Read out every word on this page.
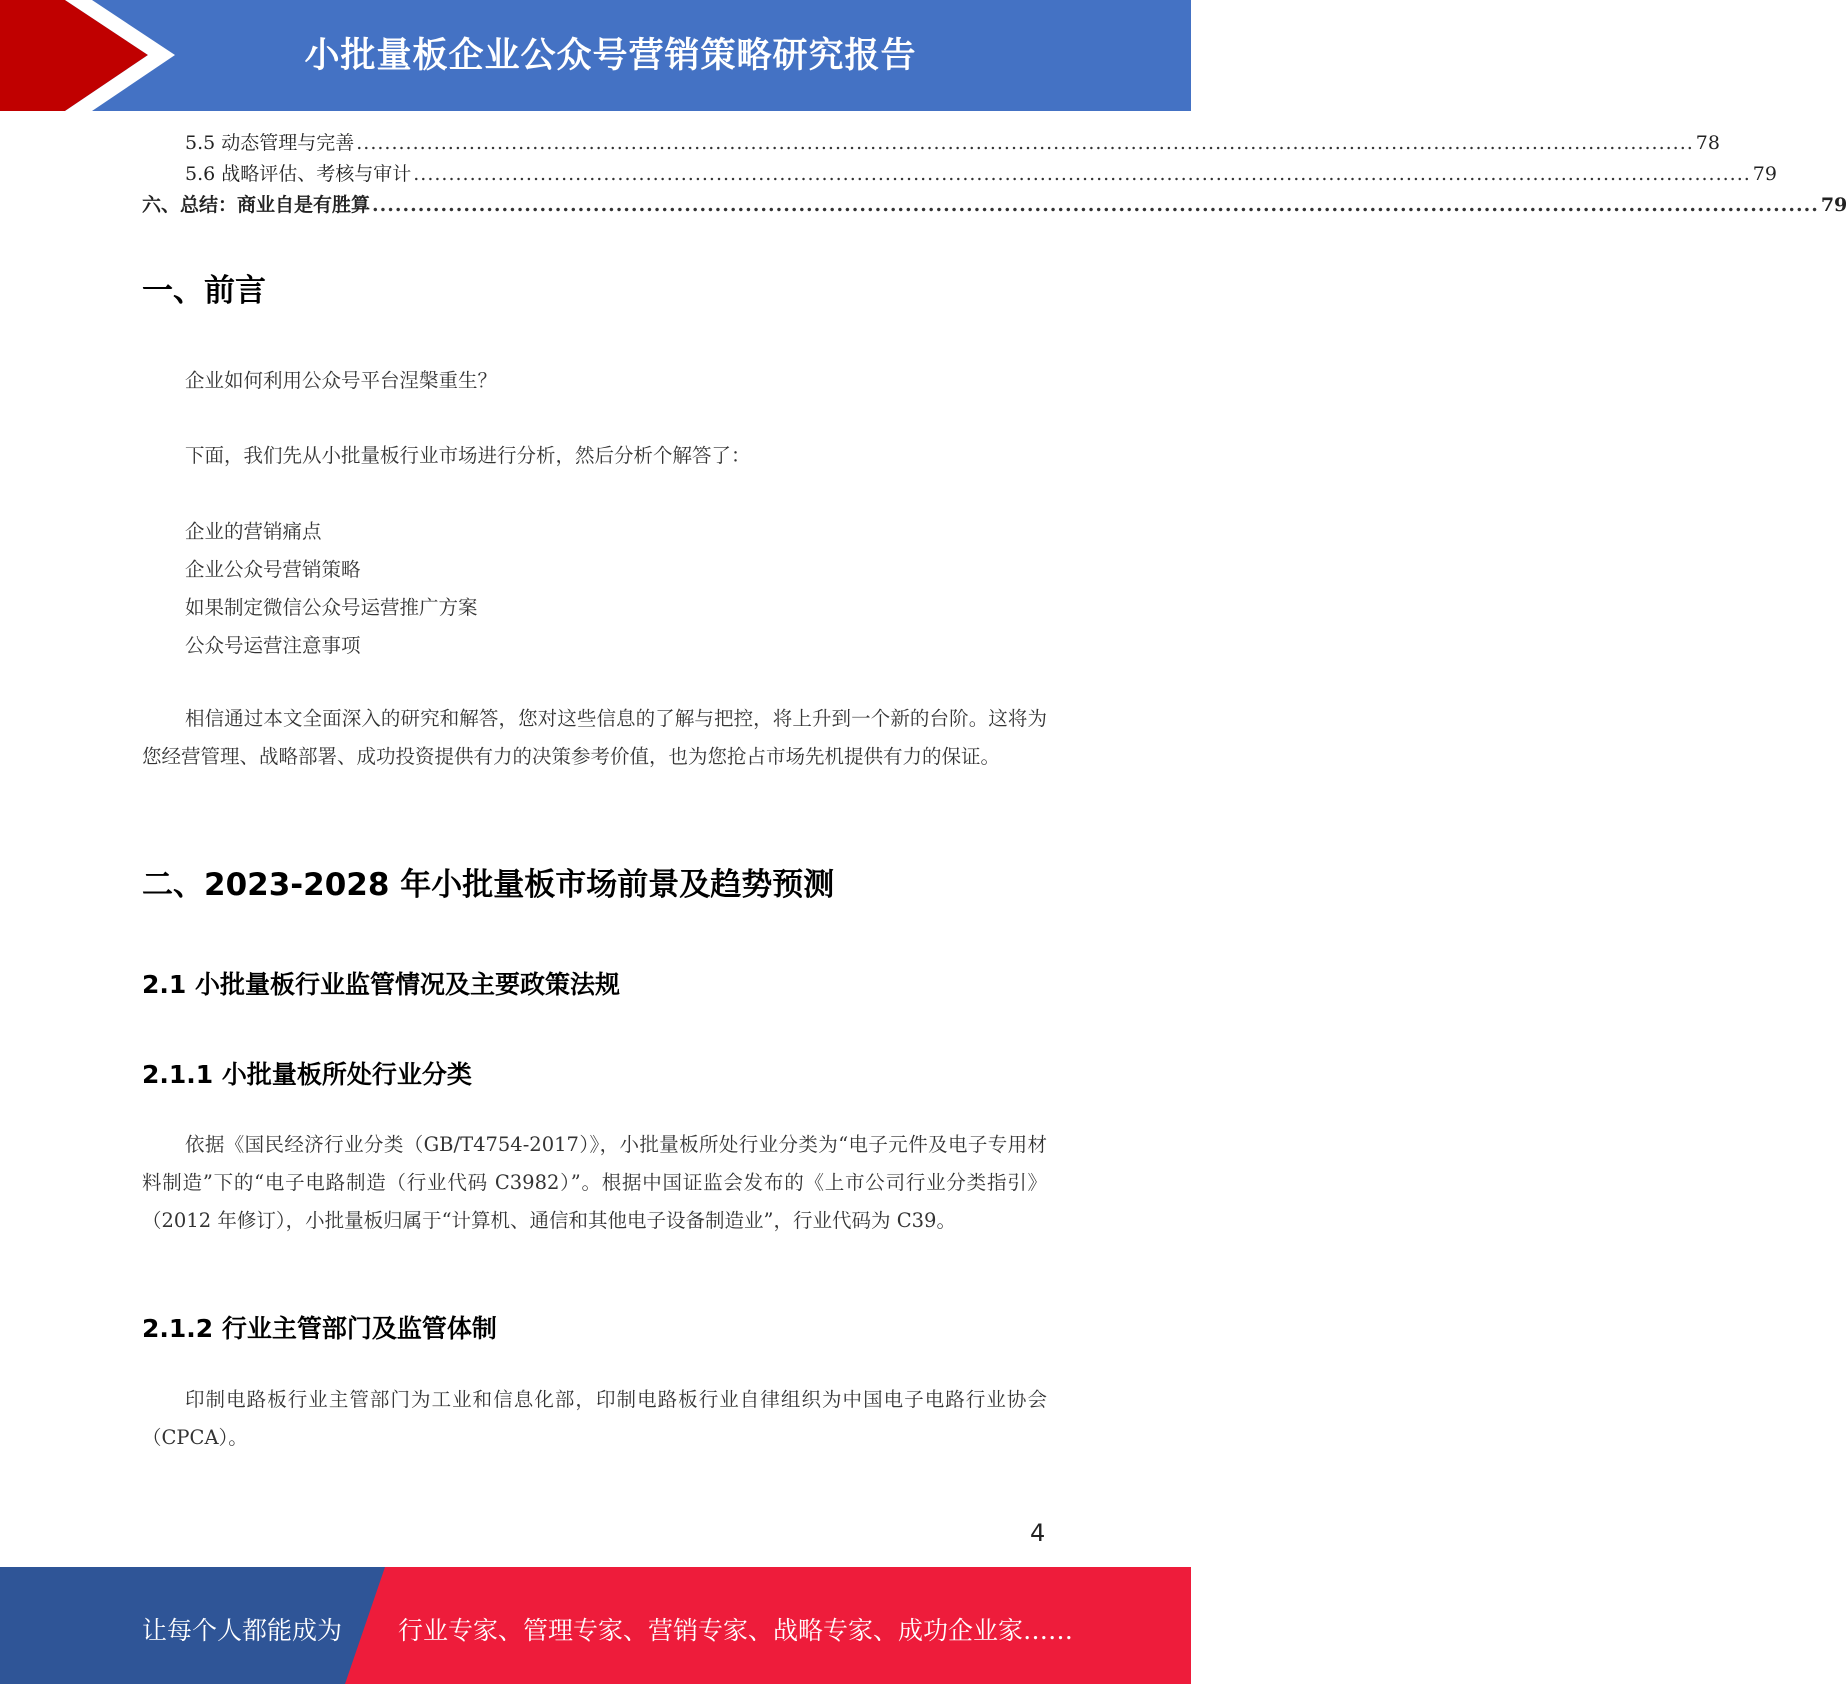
小批量板企业公众号营销策略研究报告
5.5 动态管理与完善 .............................................................................................................................................................................................. 78
5.6 战略评估、考核与审计 .............................................................................................................................................................................................. 79
六、总结：商业自是有胜算 .............................................................................................................................................................................................. 79
一、前言
企业如何利用公众号平台涅槃重生？
下面，我们先从小批量板行业市场进行分析，然后分析个解答了：
企业的营销痛点
企业公众号营销策略
如果制定微信公众号运营推广方案
公众号运营注意事项

相信通过本文全面深入的研究和解答，您对这些信息的了解与把控，将上升到一个新的台阶。这将为您经营管理、战略部署、成功投资提供有力的决策参考价值，也为您抢占市场先机提供有力的保证。

二、2023-2028 年小批量板市场前景及趋势预测
2.1 小批量板行业监管情况及主要政策法规
2.1.1 小批量板所处行业分类

依据《国民经济行业分类（GB/T4754-2017）》，小批量板所处行业分类为“电子元件及电子专用材料制造”下的“电子电路制造（行业代码 C3982）”。根据中国证监会发布的《上市公司行业分类指引》（2012 年修订），小批量板归属于“计算机、通信和其他电子设备制造业”，行业代码为 C39。

2.1.2 行业主管部门及监管体制

印制电路板行业主管部门为工业和信息化部，印制电路板行业自律组织为中国电子电路行业协会（CPCA）。

4
让每个人都能成为 行业专家、管理专家、营销专家、战略专家、成功企业家……
